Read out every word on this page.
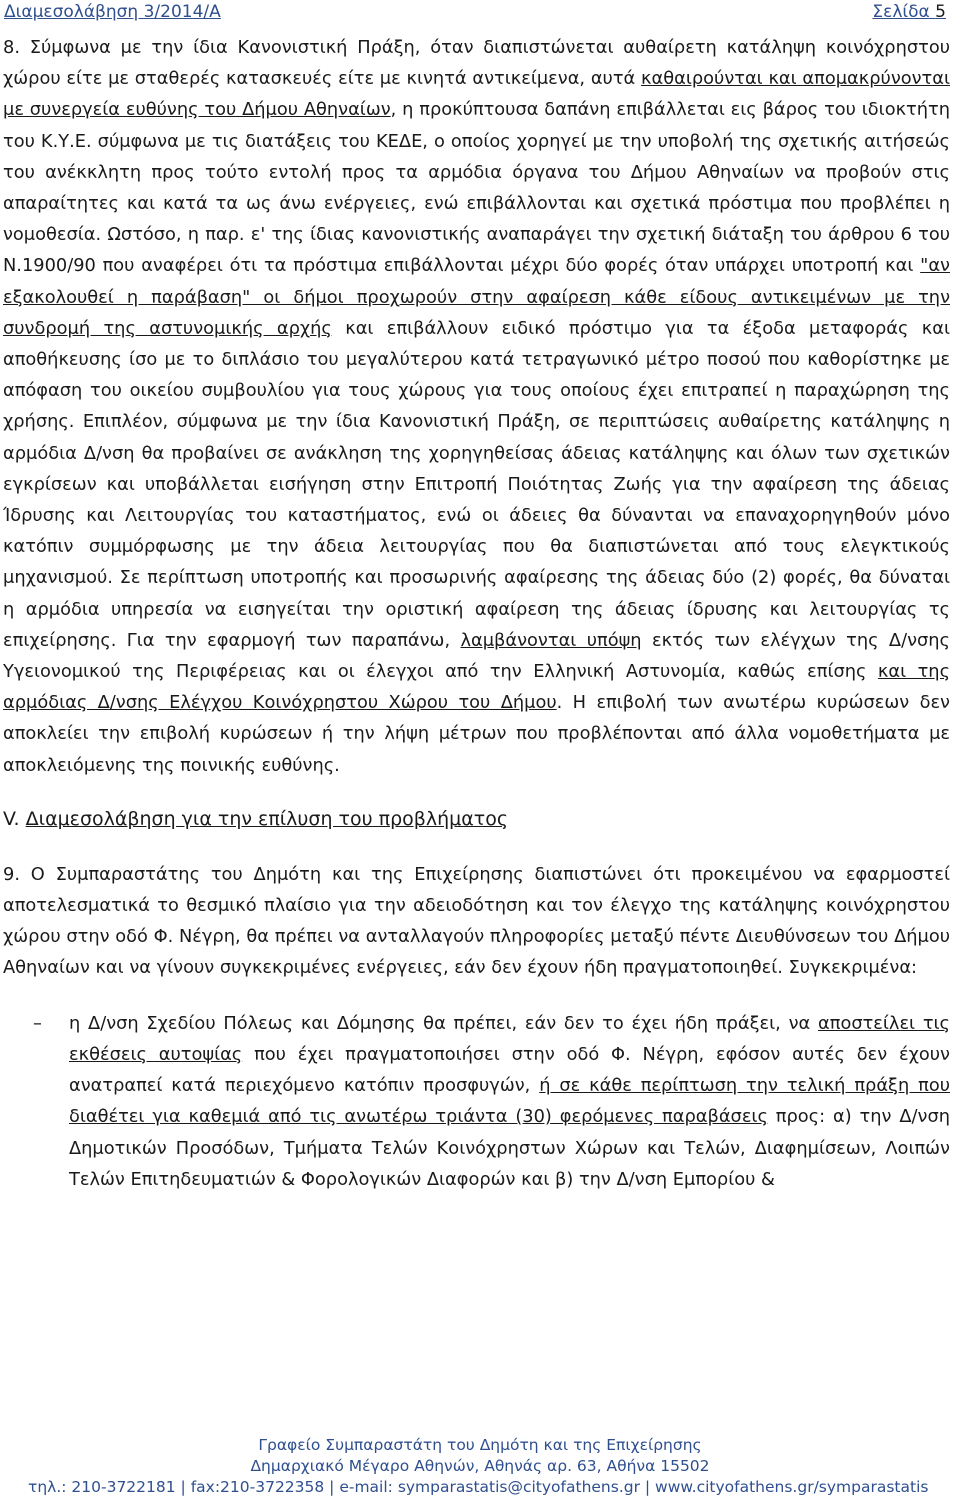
Διαμεσολάβηση 3/2014/Α	Σελίδα 5

8. Σύμφωνα με την ίδια Κανονιστική Πράξη, όταν διαπιστώνεται αυθαίρετη κατάληψη κοινόχρηστου χώρου είτε με σταθερές κατασκευές είτε με κινητά αντικείμενα, αυτά καθαιρούνται και απομακρύνονται με συνεργεία ευθύνης του Δήμου Αθηναίων, η προκύπτουσα δαπάνη επιβάλλεται εις βάρος του ιδιοκτήτη του Κ.Υ.Ε. σύμφωνα με τις διατάξεις του ΚΕΔΕ, ο οποίος χορηγεί με την υποβολή της σχετικής αιτήσεώς του ανέκκλητη προς τούτο εντολή προς τα αρμόδια όργανα του Δήμου Αθηναίων να προβούν στις απαραίτητες και κατά τα ως άνω ενέργειες, ενώ επιβάλλονται και σχετικά πρόστιμα που προβλέπει η νομοθεσία. Ωστόσο, η παρ. ε' της ίδιας κανονιστικής αναπαράγει την σχετική διάταξη του άρθρου 6 του Ν.1900/90 που αναφέρει ότι τα πρόστιμα επιβάλλονται μέχρι δύο φορές όταν υπάρχει υποτροπή και "αν εξακολουθεί η παράβαση" οι δήμοι προχωρούν στην αφαίρεση κάθε είδους αντικειμένων με την συνδρομή της αστυνομικής αρχής και επιβάλλουν ειδικό πρόστιμο για τα έξοδα μεταφοράς και αποθήκευσης ίσο με το διπλάσιο του μεγαλύτερου κατά τετραγωνικό μέτρο ποσού που καθορίστηκε με απόφαση του οικείου συμβουλίου για τους χώρους για τους οποίους έχει επιτραπεί η παραχώρηση της χρήσης. Επιπλέον, σύμφωνα με την ίδια Κανονιστική Πράξη, σε περιπτώσεις αυθαίρετης κατάληψης η αρμόδια Δ/νση θα προβαίνει σε ανάκληση της χορηγηθείσας άδειας κατάληψης και όλων των σχετικών εγκρίσεων και υποβάλλεται εισήγηση στην Επιτροπή Ποιότητας Ζωής για την αφαίρεση της άδειας Ίδρυσης και Λειτουργίας του καταστήματος, ενώ οι άδειες θα δύνανται να επαναχορηγηθούν μόνο κατόπιν συμμόρφωσης με την άδεια λειτουργίας που θα διαπιστώνεται από τους ελεγκτικούς μηχανισμού. Σε περίπτωση υποτροπής και προσωρινής αφαίρεσης της άδειας δύο (2) φορές, θα δύναται η αρμόδια υπηρεσία να εισηγείται την οριστική αφαίρεση της άδειας ίδρυσης και λειτουργίας τς επιχείρησης. Για την εφαρμογή των παραπάνω, λαμβάνονται υπόψη εκτός των ελέγχων της Δ/νσης Υγειονομικού της Περιφέρειας και οι έλεγχοι από την Ελληνική Αστυνομία, καθώς επίσης και της αρμόδιας Δ/νσης Ελέγχου Κοινόχρηστου Χώρου του Δήμου. Η επιβολή των ανωτέρω κυρώσεων δεν αποκλείει την επιβολή κυρώσεων ή την λήψη μέτρων που προβλέπονται από άλλα νομοθετήματα με αποκλειόμενης της ποινικής ευθύνης.

V. Διαμεσολάβηση για την επίλυση του προβλήματος

9. Ο Συμπαραστάτης του Δημότη και της Επιχείρησης διαπιστώνει ότι προκειμένου να εφαρμοστεί αποτελεσματικά το θεσμικό πλαίσιο για την αδειοδότηση και τον έλεγχο της κατάληψης κοινόχρηστου χώρου στην οδό Φ. Νέγρη, θα πρέπει να ανταλλαγούν πληροφορίες μεταξύ πέντε Διευθύνσεων του Δήμου Αθηναίων και να γίνουν συγκεκριμένες ενέργειες, εάν δεν έχουν ήδη πραγματοποιηθεί. Συγκεκριμένα:

– η Δ/νση Σχεδίου Πόλεως και Δόμησης θα πρέπει, εάν δεν το έχει ήδη πράξει, να αποστείλει τις εκθέσεις αυτοψίας που έχει πραγματοποιήσει στην οδό Φ. Νέγρη, εφόσον αυτές δεν έχουν ανατραπεί κατά περιεχόμενο κατόπιν προσφυγών, ή σε κάθε περίπτωση την τελική πράξη που διαθέτει για καθεμιά από τις ανωτέρω τριάντα (30) φερόμενες παραβάσεις προς: α) την Δ/νση Δημοτικών Προσόδων, Τμήματα Τελών Κοινόχρηστων Χώρων και Τελών, Διαφημίσεων, Λοιπών Τελών Επιτηδευματιών & Φορολογικών Διαφορών και β) την Δ/νση Εμπορίου &
Γραφείο Συμπαραστάτη του Δημότη και της Επιχείρησης
Δημαρχιακό Μέγαρο Αθηνών, Αθηνάς αρ. 63, Αθήνα 15502
τηλ.: 210-3722181 | fax:210-3722358 | e-mail: symparastatis@cityofathens.gr | www.cityofathens.gr/symparastatis
